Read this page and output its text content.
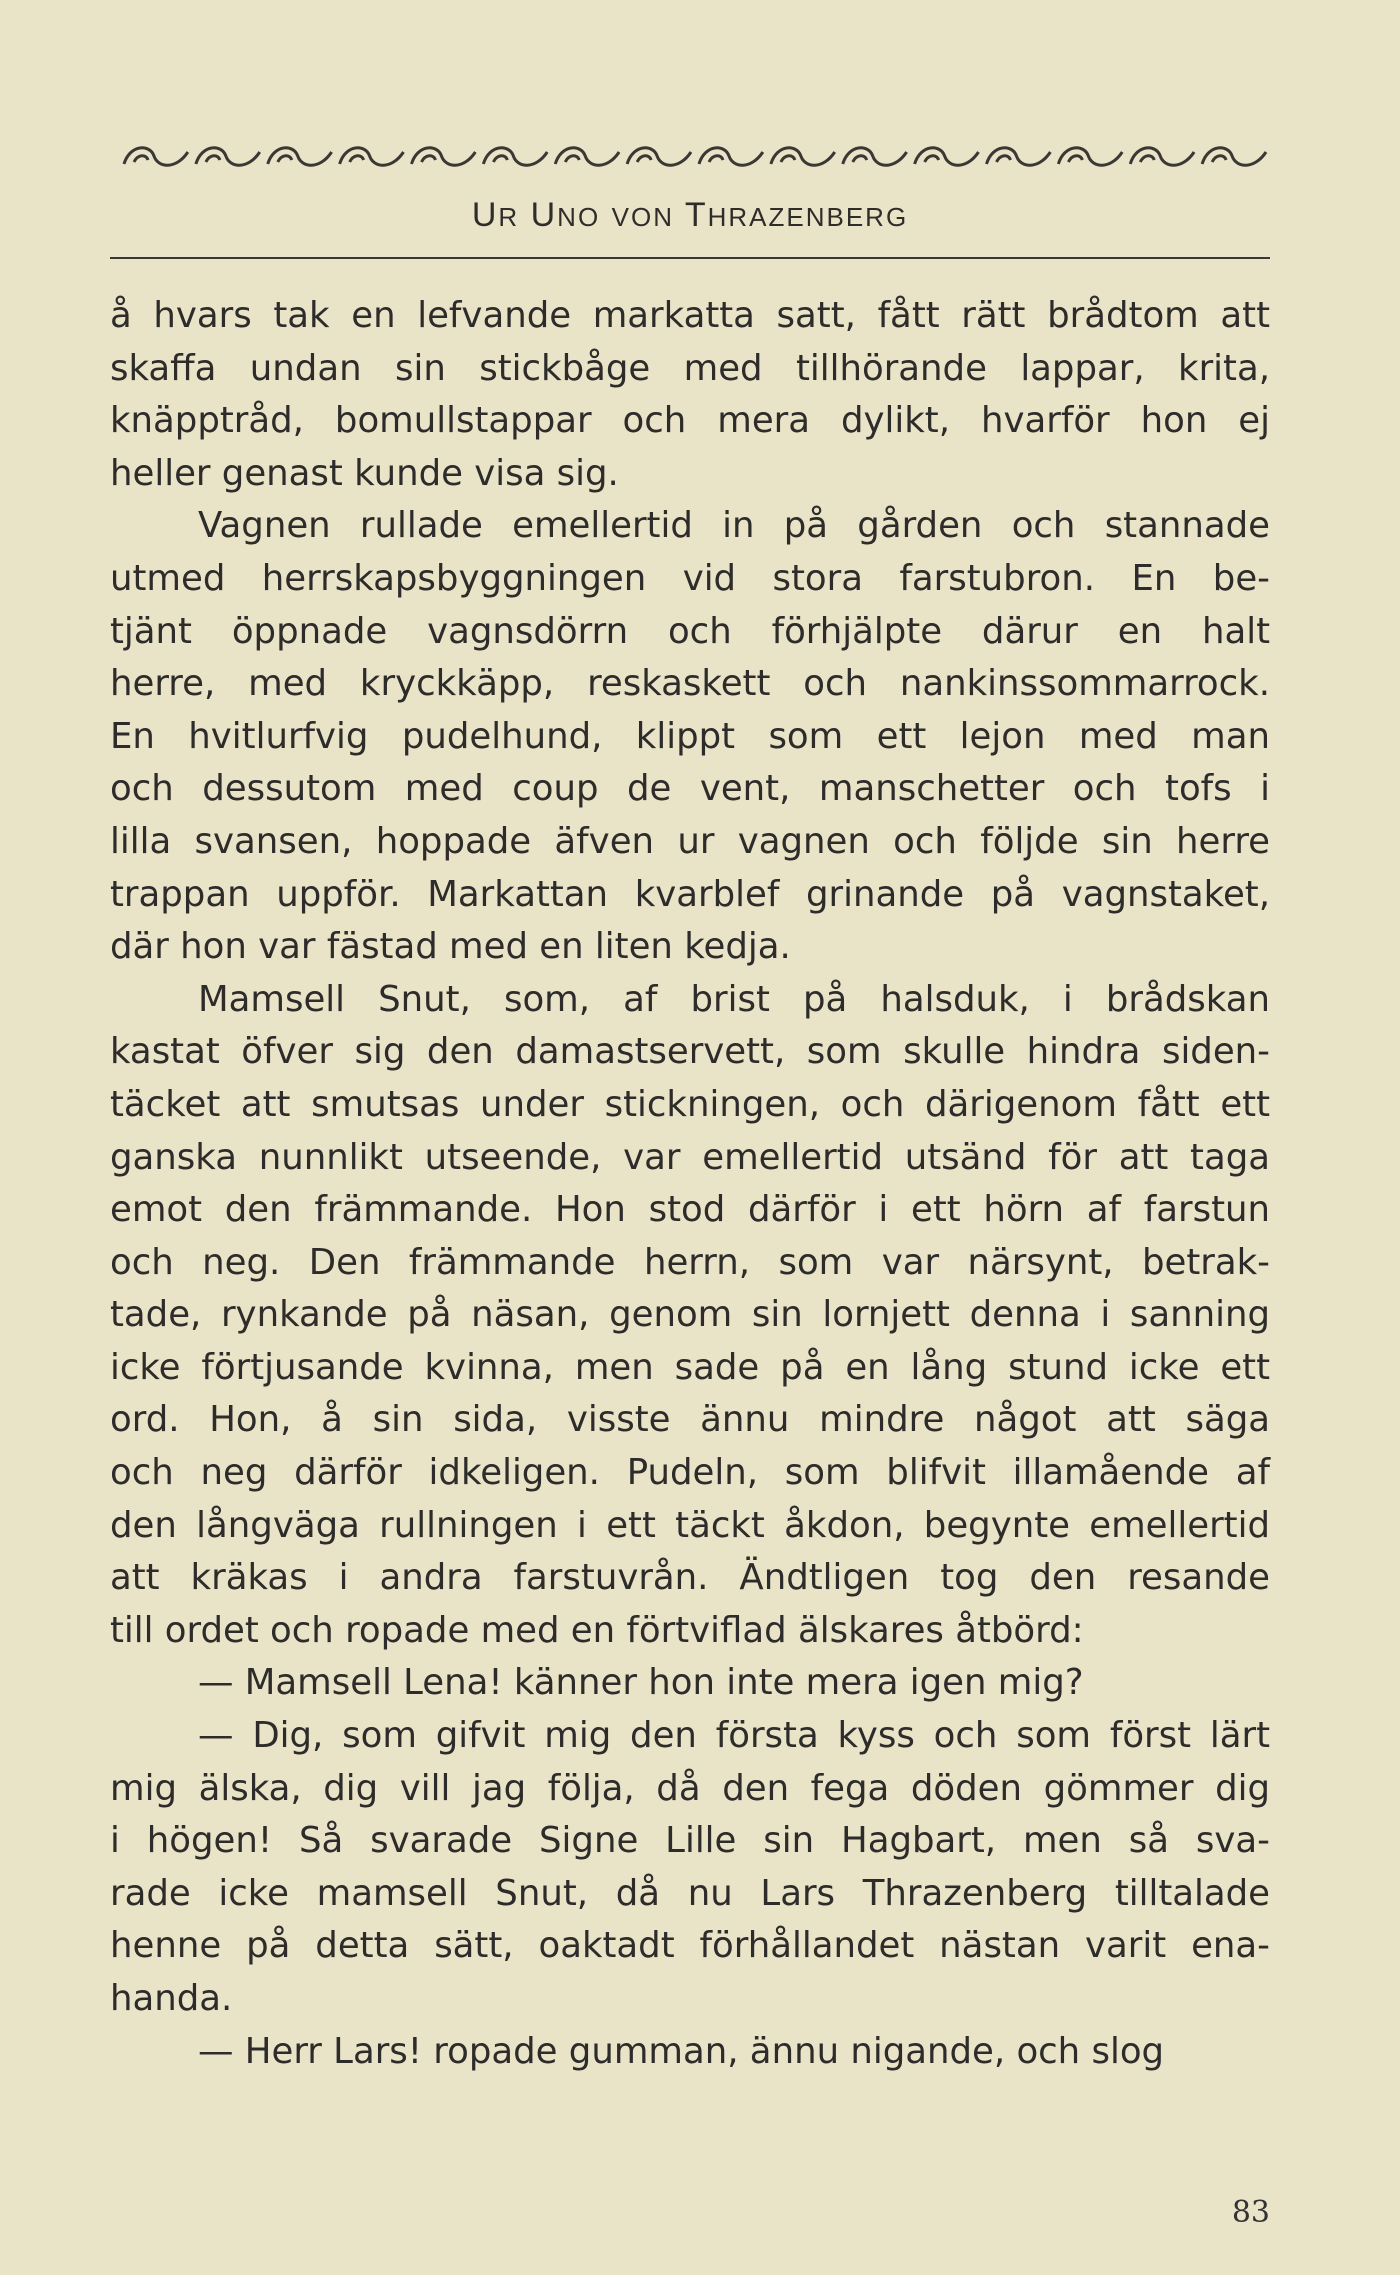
UR UNO VON THRAZENBERG
å hvars tak en lefvande markatta satt, fått rätt brådtom att
skaffa undan sin stickbåge med tillhörande lappar, krita,
knäpptråd, bomullstappar och mera dylikt, hvarför hon ej
heller genast kunde visa sig.
Vagnen rullade emellertid in på gården och stannade
utmed herrskapsbyggningen vid stora farstubron. En be-
tjänt öppnade vagnsdörrn och förhjälpte därur en halt
herre, med kryckkäpp, reskaskett och nankinssommarrock.
En hvitlurfvig pudelhund, klippt som ett lejon med man
och dessutom med coup de vent, manschetter och tofs i
lilla svansen, hoppade äfven ur vagnen och följde sin herre
trappan uppför. Markattan kvarblef grinande på vagnstaket,
där hon var fästad med en liten kedja.
Mamsell Snut, som, af brist på halsduk, i brådskan
kastat öfver sig den damastservett, som skulle hindra siden-
täcket att smutsas under stickningen, och därigenom fått ett
ganska nunnlikt utseende, var emellertid utsänd för att taga
emot den främmande. Hon stod därför i ett hörn af farstun
och neg. Den främmande herrn, som var närsynt, betrak-
tade, rynkande på näsan, genom sin lornjett denna i sanning
icke förtjusande kvinna, men sade på en lång stund icke ett
ord. Hon, å sin sida, visste ännu mindre något att säga
och neg därför idkeligen. Pudeln, som blifvit illamående af
den långväga rullningen i ett täckt åkdon, begynte emellertid
att kräkas i andra farstuvrån. Ändtligen tog den resande
till ordet och ropade med en förtviflad älskares åtbörd:
— Mamsell Lena! känner hon inte mera igen mig?
— Dig, som gifvit mig den första kyss och som först lärt
mig älska, dig vill jag följa, då den fega döden gömmer dig
i högen! Så svarade Signe Lille sin Hagbart, men så sva-
rade icke mamsell Snut, då nu Lars Thrazenberg tilltalade
henne på detta sätt, oaktadt förhållandet nästan varit ena-
handa.
— Herr Lars! ropade gumman, ännu nigande, och slog
83
